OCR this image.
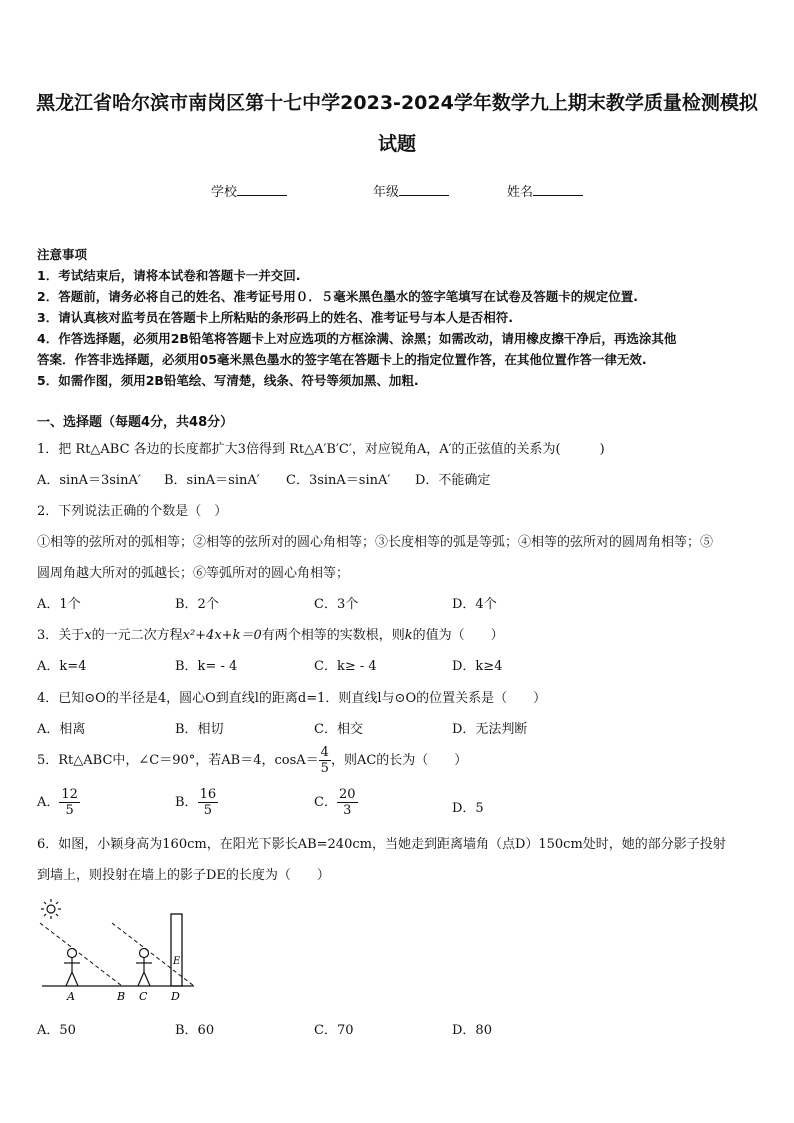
黑龙江省哈尔滨市南岗区第十七中学2023-2024学年数学九上期末教学质量检测模拟
试题
学校	年级	姓名
注意事项
1．考试结束后，请将本试卷和答题卡一并交回.
2．答题前，请务必将自己的姓名、准考证号用０．５毫米黑色墨水的签字笔填写在试卷及答题卡的规定位置.
3．请认真核对监考员在答题卡上所粘贴的条形码上的姓名、准考证号与本人是否相符.
4．作答选择题，必须用2B铅笔将答题卡上对应选项的方框涂满、涂黑；如需改动，请用橡皮擦干净后，再选涂其他
答案．作答非选择题，必须用05毫米黑色墨水的签字笔在答题卡上的指定位置作答，在其他位置作答一律无效.
5．如需作图，须用2B铅笔绘、写清楚，线条、符号等须加黑、加粗.
一、选择题（每题4分，共48分）
1．把 Rt△ABC 各边的长度都扩大3倍得到 Rt△A′B′C′，对应锐角A，A′的正弦值的关系为(　　　)
A．sinA＝3sinA′ B．sinA＝sinA′ C．3sinA＝sinA′ D．不能确定
2．下列说法正确的个数是（　）
①相等的弦所对的弧相等；②相等的弦所对的圆心角相等；③长度相等的弧是等弧；④相等的弦所对的圆周角相等；⑤
圆周角越大所对的弧越长；⑥等弧所对的圆心角相等；
A．1个	B．2个	C．3个	D．4个
3．关于x的一元二次方程x²+4x+k＝0有两个相等的实数根，则k的值为（　　）
A．k=4	B．k= - 4	C．k≥ - 4	D．k≥4
4．已知⊙O的半径是4，圆心O到直线l的距离d=1．则直线l与⊙O的位置关系是（　　）
A．相离	B．相切	C．相交	D．无法判断
5．Rt△ABC中，∠C＝90°，若AB＝4，$\cos A= \frac{4}{5}$ ，则AC的长为（　　）
A． $\frac{12}{5}$	B． $\frac{16}{5}$	C． $\frac{20}{3}$	D．5
6．如图，小颖身高为160cm，在阳光下影长AB=240cm，当她走到距离墙角（点D）150cm处时，她的部分影子投射
到墙上，则投射在墙上的影子DE的长度为（　　）
A	B C D
E
A．50	B．60	C．70	D．80
